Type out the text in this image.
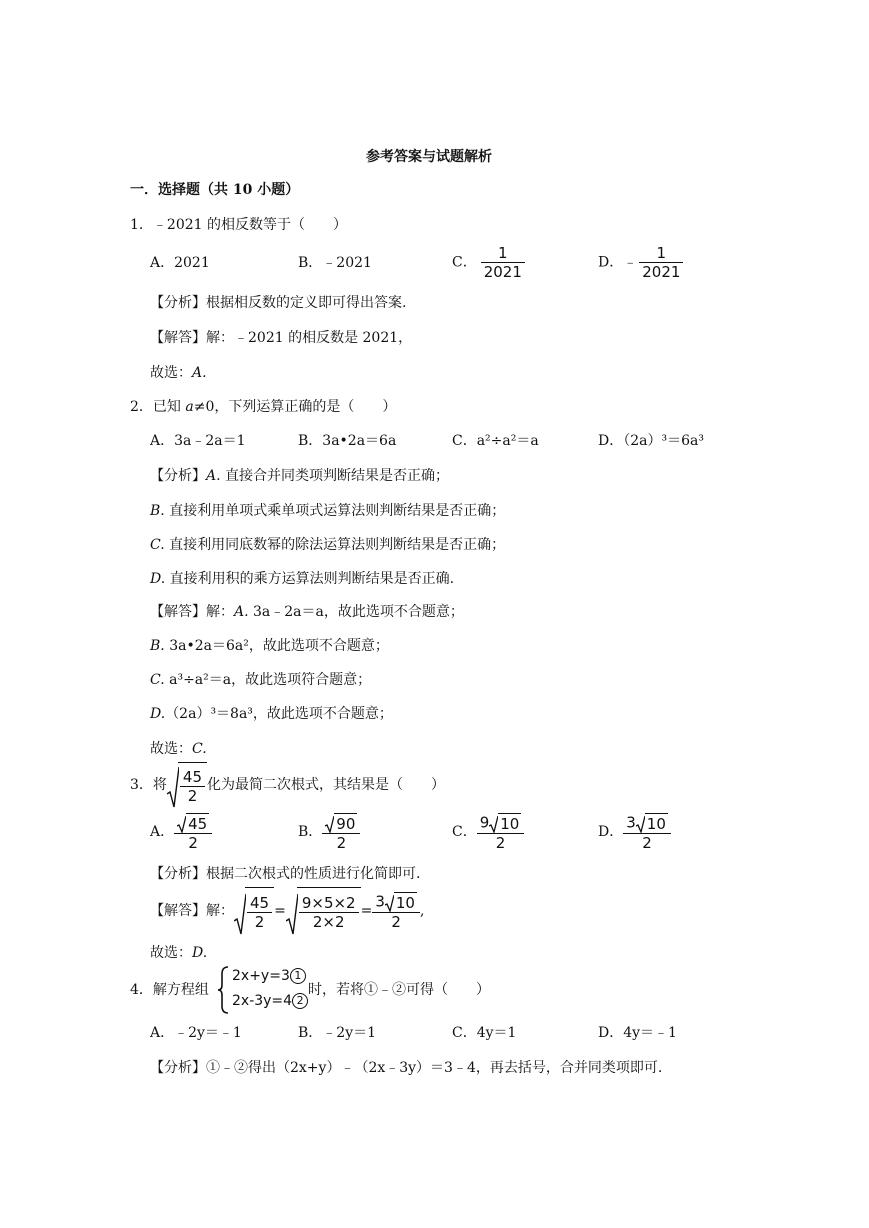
参考答案与试题解析
一．选择题（共 10 小题）
1．﹣2021 的相反数等于（　　）
A．2021	B．﹣2021	C． $\frac{1}{2021}$	D．﹣ $\frac{1}{2021}$
【分析】根据相反数的定义即可得出答案.
【解答】解：﹣2021 的相反数是 2021，
故选：A.
2．已知 a≠0，下列运算正确的是（　　）
A．3a﹣2a＝1	B．3a•2a＝6a	C．a²÷a²＝a	D．（2a）³＝6a³
【分析】A. 直接合并同类项判断结果是否正确；
B. 直接利用单项式乘单项式运算法则判断结果是否正确；
C. 直接利用同底数幂的除法运算法则判断结果是否正确；
D. 直接利用积的乘方运算法则判断结果是否正确.
【解答】解：A. 3a﹣2a＝a，故此选项不合题意；
B. 3a•2a＝6a²，故此选项不合题意；
C. a³÷a²＝a，故此选项符合题意；
D.（2a）³＝8a³，故此选项不合题意；
故选：C.
3．将 $\frac{45}{2}$ 化为最简二次根式，其结果是（　　）
A． $\frac{45}{2}$	B． $\frac{90}{2}$	C． $\frac{9 10}{2}$	D． $\frac{3 10}{2}$
【分析】根据二次根式的性质进行化简即可.
【解答】解： $\frac{45}{2} = \frac{9\times 5\times 2}{2\times 2} = \frac{3 10}{2}$ ,
故选：D.
4．解方程组
2x+y=3 1
2x-3y=4 2
时，若将①﹣②可得（　　）
A．﹣2y＝﹣1	B．﹣2y＝1	C．4y＝1	D．4y＝﹣1
【分析】①﹣②得出（2x+y）﹣（2x﹣3y）＝3﹣4，再去括号，合并同类项即可.
